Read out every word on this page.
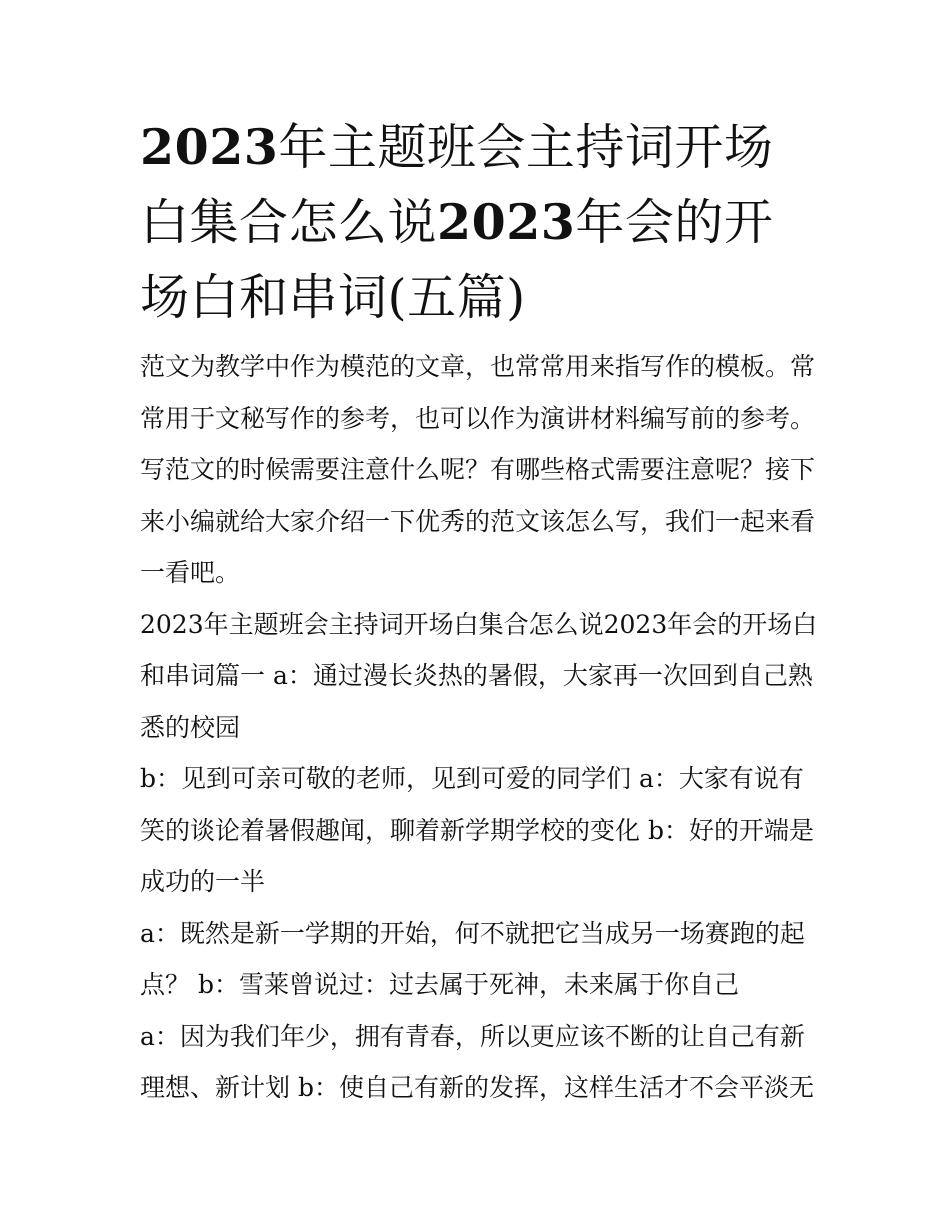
2023年主题班会主持词开场白集合怎么说2023年会的开场白和串词(五篇)

范文为教学中作为模范的文章，也常常用来指写作的模板。常常用于文秘写作的参考，也可以作为演讲材料编写前的参考。写范文的时候需要注意什么呢？有哪些格式需要注意呢？接下来小编就给大家介绍一下优秀的范文该怎么写，我们一起来看一看吧。

2023年主题班会主持词开场白集合怎么说2023年会的开场白和串词篇一 a：通过漫长炎热的暑假，大家再一次回到自己熟悉的校园

b：见到可亲可敬的老师，见到可爱的同学们 a：大家有说有笑的谈论着暑假趣闻，聊着新学期学校的变化 b：好的开端是成功的一半

a：既然是新一学期的开始，何不就把它当成另一场赛跑的起点？ b：雪莱曾说过：过去属于死神，未来属于你自己

a：因为我们年少，拥有青春，所以更应该不断的让自己有新理想、新计划 b：使自己有新的发挥，这样生活才不会平淡无
